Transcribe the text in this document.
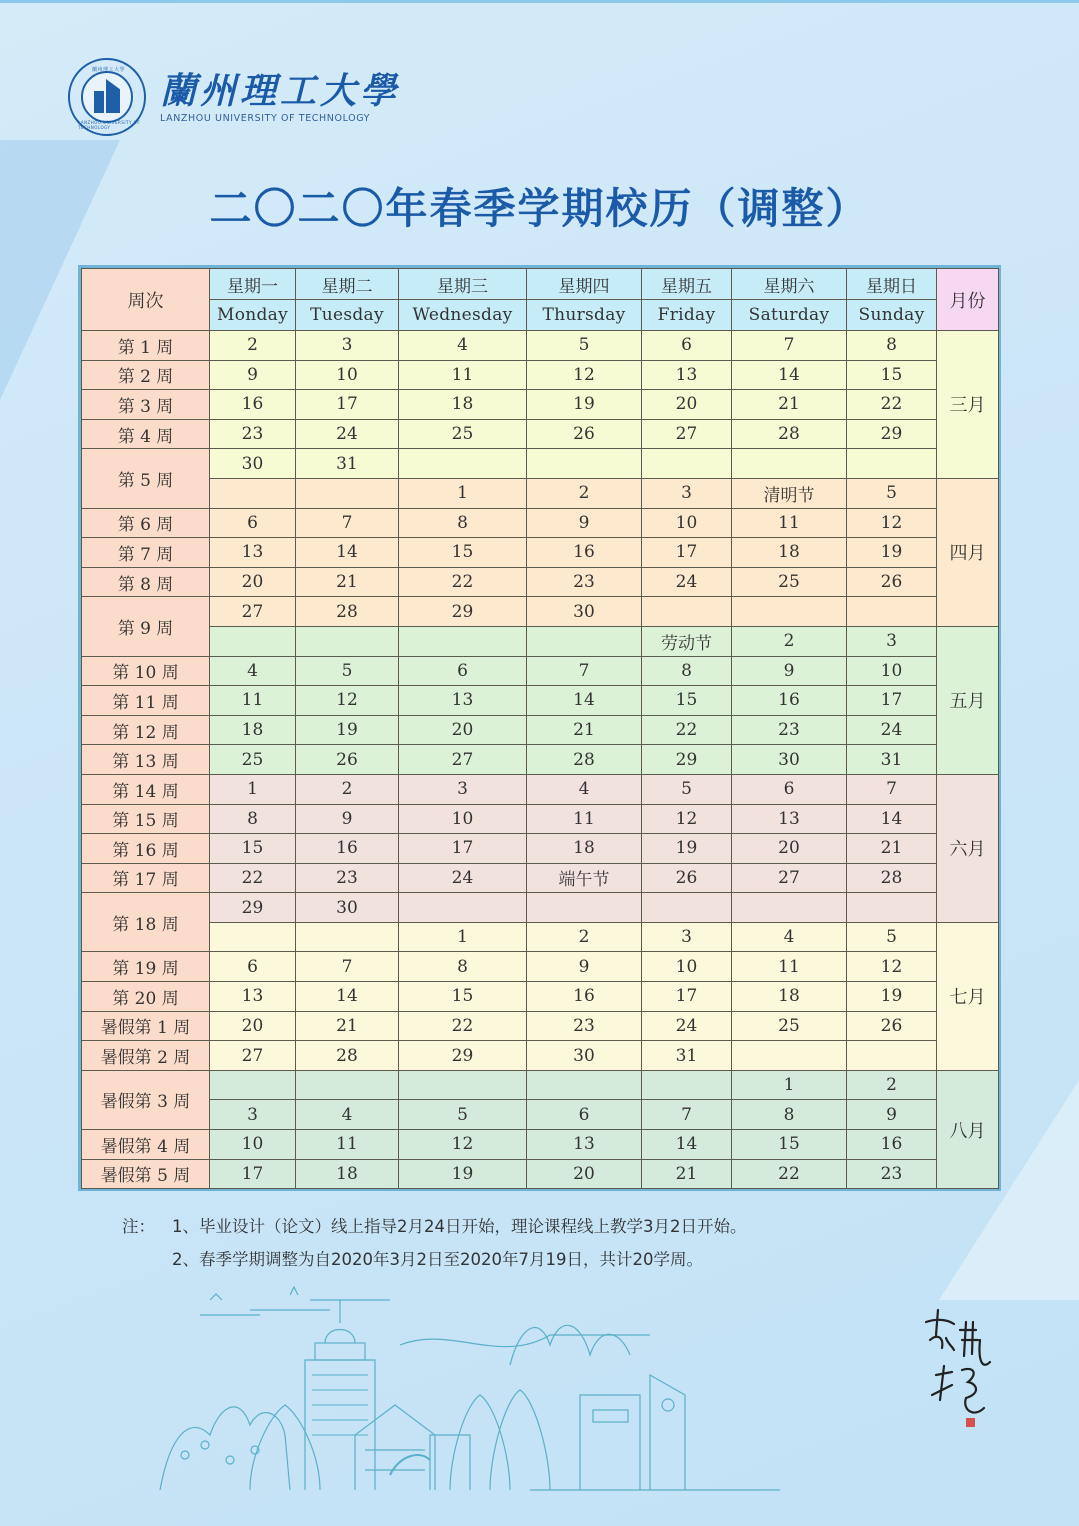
蘭州理工大學
LANZHOU UNIVERSITY OF TECHNOLOGY
蘭州理工大學
LANZHOU UNIVERSITY OF TECHNOLOGY
二〇二〇年春季学期校历（调整）
周次	星期一	星期二	星期三	星期四	星期五	星期六	星期日	月份
	Monday	Tuesday	Wednesday	Thursday	Friday	Saturday	Sunday	
第 1 周	2	3	4	5	6	7	8	三月
第 2 周	9	10	11	12	13	14	15	
第 3 周	16	17	18	19	20	21	22	
第 4 周	23	24	25	26	27	28	29	
第 5 周	30	31						
			1	2	3	清明节	5	四月
第 6 周	6	7	8	9	10	11	12	
第 7 周	13	14	15	16	17	18	19	
第 8 周	20	21	22	23	24	25	26	
第 9 周	27	28	29	30				
					劳动节	2	3	五月
第 10 周	4	5	6	7	8	9	10	
第 11 周	11	12	13	14	15	16	17	
第 12 周	18	19	20	21	22	23	24	
第 13 周	25	26	27	28	29	30	31	
第 14 周	1	2	3	4	5	6	7	六月
第 15 周	8	9	10	11	12	13	14	
第 16 周	15	16	17	18	19	20	21	
第 17 周	22	23	24	端午节	26	27	28	
第 18 周	29	30						
			1	2	3	4	5	七月
第 19 周	6	7	8	9	10	11	12	
第 20 周	13	14	15	16	17	18	19	
暑假第 1 周	20	21	22	23	24	25	26	
暑假第 2 周	27	28	29	30	31			
暑假第 3 周						1	2	八月
	3	4	5	6	7	8	9	
暑假第 4 周	10	11	12	13	14	15	16	
暑假第 5 周	17	18	19	20	21	22	23	
注：	1、毕业设计（论文）线上指导2月24日开始，理论课程线上教学3月2日开始。
2、春季学期调整为自2020年3月2日至2020年7月19日，共计20学周。
